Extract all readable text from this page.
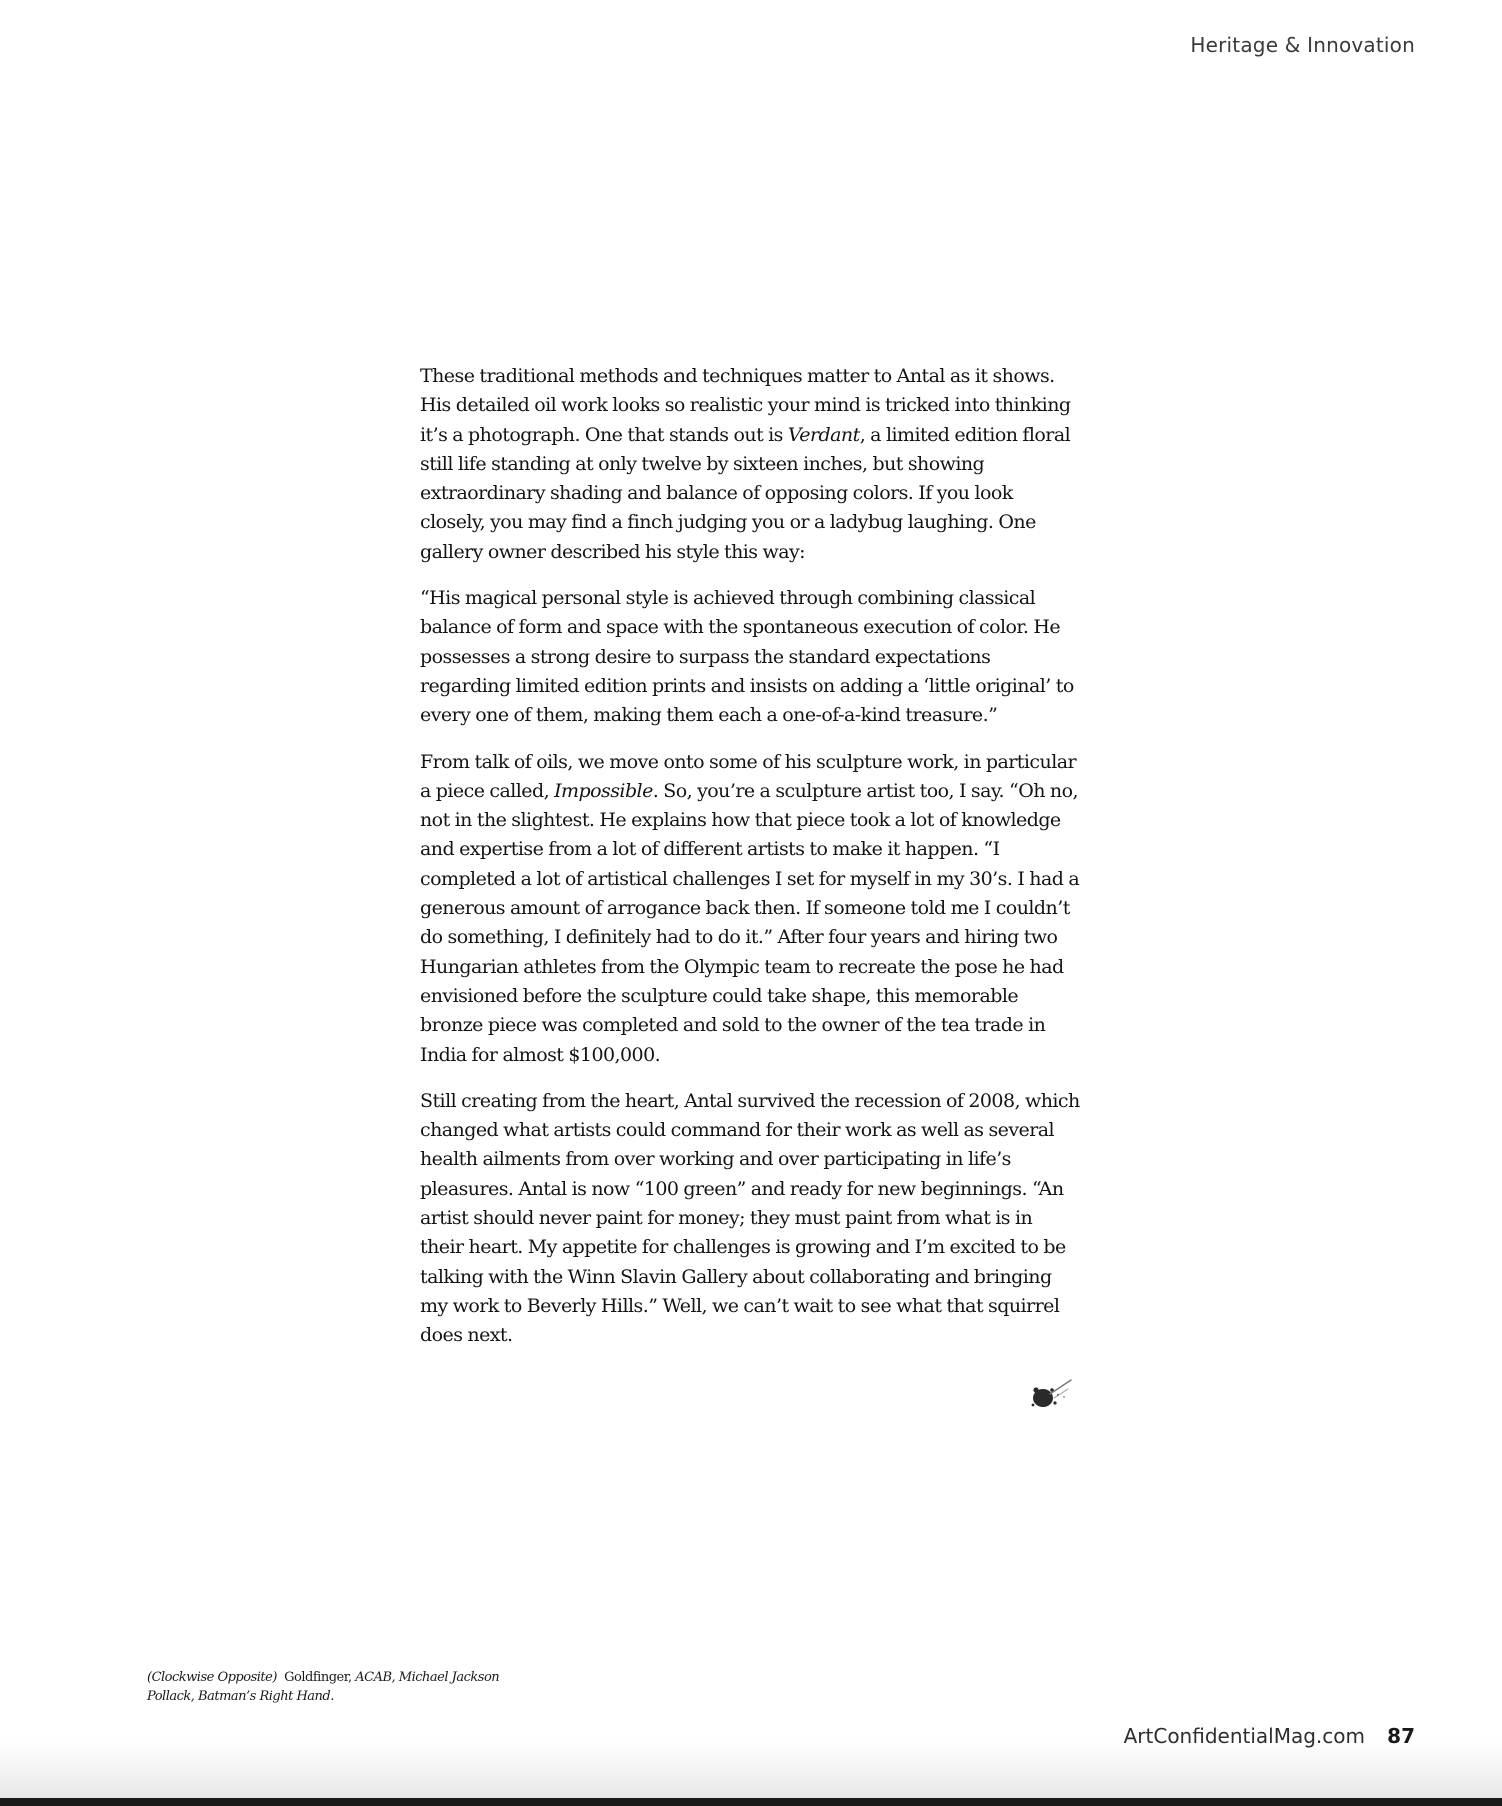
Heritage & Innovation

These traditional methods and techniques matter to Antal as it shows. His detailed oil work looks so realistic your mind is tricked into thinking it’s a photograph. One that stands out is Verdant, a limited edition floral still life standing at only twelve by sixteen inches, but showing extraordinary shading and balance of opposing colors. If you look closely, you may find a finch judging you or a ladybug laughing. One gallery owner described his style this way:

“His magical personal style is achieved through combining classical balance of form and space with the spontaneous execution of color. He possesses a strong desire to surpass the standard expectations regarding limited edition prints and insists on adding a ‘little original’ to every one of them, making them each a one-of-a-kind treasure.”

From talk of oils, we move onto some of his sculpture work, in particular a piece called, Impossible. So, you’re a sculpture artist too, I say. “Oh no, not in the slightest. He explains how that piece took a lot of knowledge and expertise from a lot of different artists to make it happen. “I completed a lot of artistical challenges I set for myself in my 30’s. I had a generous amount of arrogance back then. If someone told me I couldn’t do something, I definitely had to do it.” After four years and hiring two Hungarian athletes from the Olympic team to recreate the pose he had envisioned before the sculpture could take shape, this memorable bronze piece was completed and sold to the owner of the tea trade in India for almost $100,000.

Still creating from the heart, Antal survived the recession of 2008, which changed what artists could command for their work as well as several health ailments from over working and over participating in life’s pleasures. Antal is now “100 green” and ready for new beginnings. “An artist should never paint for money; they must paint from what is in their heart. My appetite for challenges is growing and I’m excited to be talking with the Winn Slavin Gallery about collaborating and bringing my work to Beverly Hills.” Well, we can’t wait to see what that squirrel does next.

(Clockwise Opposite) Goldfinger, ACAB, Michael Jackson Pollack, Batman’s Right Hand.
ArtConfidentialMag.com 87
